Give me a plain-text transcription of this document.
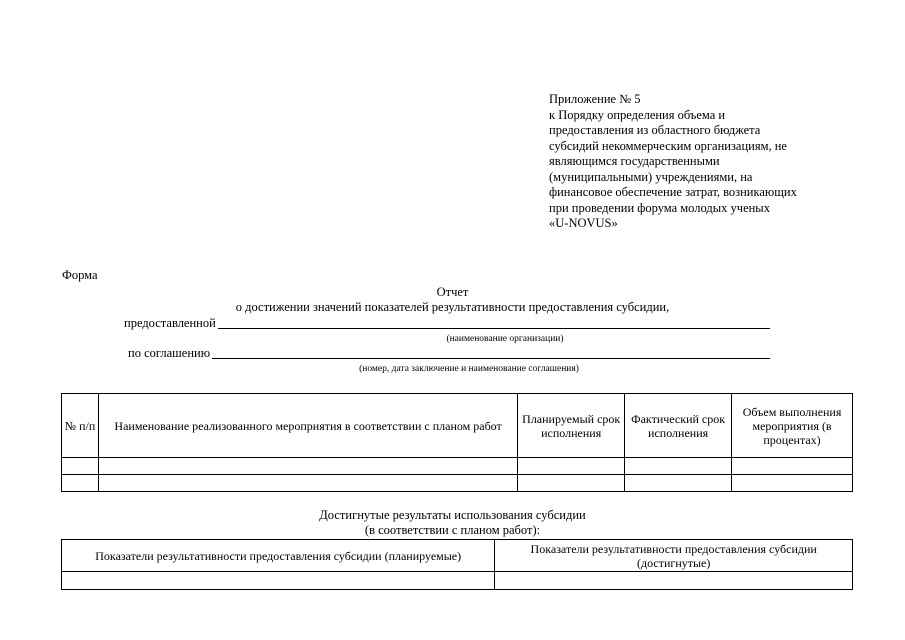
Приложение № 5
к Порядку определения объема и
предоставления из областного бюджета
субсидий некоммерческим организациям, не
являющимся государственными
(муниципальными) учреждениями, на
финансовое обеспечение затрат, возникающих
при проведении форума молодых ученых
«U-NOVUS»
Форма
Отчет
о достижении значений показателей результативности предоставления субсидии,
предоставленной
(наименование организации)
по соглашению
(номер, дата заключение и наименование соглашения)
№ п/п	Наименование реализованного мероприятия в соответствии с планом работ	Планируемый срок исполнения	Фактический срок исполнения	Объем выполнения мероприятия (в процентах)

Достигнутые результаты использования субсидии
(в соответствии с планом работ):
Показатели результативности предоставления субсидии (планируемые)	Показатели результативности предоставления субсидии (достигнутые)
